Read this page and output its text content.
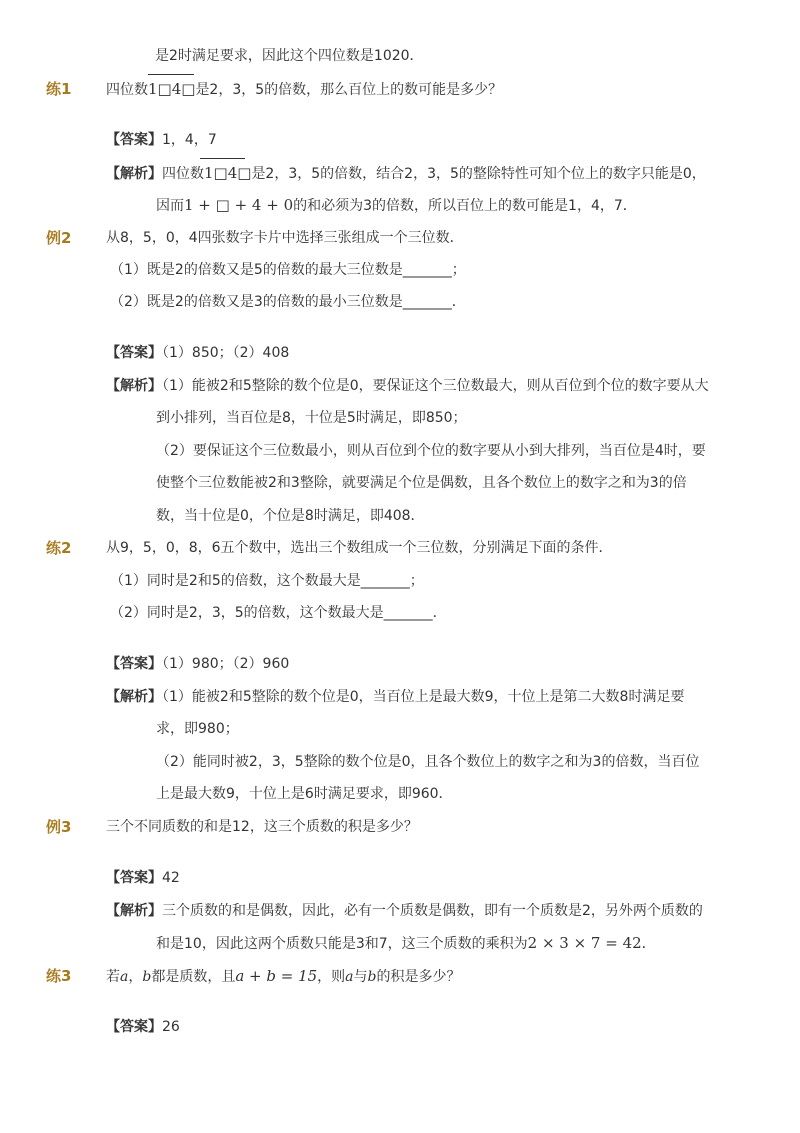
是2时满足要求，因此这个四位数是1020．
练1 四位数1□4□是2，3，5的倍数，那么百位上的数可能是多少？
【答案】1，4，7
【解析】四位数1□4□是2，3，5的倍数，结合2，3，5的整除特性可知个位上的数字只能是0，
因而1 + □ + 4 + 0的和必须为3的倍数，所以百位上的数可能是1，4，7．
例2 从8，5，0，4四张数字卡片中选择三张组成一个三位数．
（1）既是2的倍数又是5的倍数的最大三位数是_______；
（2）既是2的倍数又是3的倍数的最小三位数是_______．
【答案】（1）850；（2）408
【解析】（1）能被2和5整除的数个位是0，要保证这个三位数最大，则从百位到个位的数字要从大
到小排列，当百位是8，十位是5时满足，即850；
（2）要保证这个三位数最小，则从百位到个位的数字要从小到大排列，当百位是4时，要
使整个三位数能被2和3整除，就要满足个位是偶数，且各个数位上的数字之和为3的倍
数，当十位是0，个位是8时满足，即408．
练2 从9，5，0，8，6五个数中，选出三个数组成一个三位数，分别满足下面的条件．
（1）同时是2和5的倍数，这个数最大是_______；
（2）同时是2，3，5的倍数，这个数最大是_______．
【答案】（1）980；（2）960
【解析】（1）能被2和5整除的数个位是0，当百位上是最大数9，十位上是第二大数8时满足要
求，即980；
（2）能同时被2，3，5整除的数个位是0，且各个数位上的数字之和为3的倍数，当百位
上是最大数9，十位上是6时满足要求，即960．
例3 三个不同质数的和是12，这三个质数的积是多少？
【答案】42
【解析】三个质数的和是偶数，因此，必有一个质数是偶数，即有一个质数是2，另外两个质数的
和是10，因此这两个质数只能是3和7，这三个质数的乘积为2 × 3 × 7 = 42．
练3 若a，b都是质数，且a + b = 15，则a与b的积是多少？
【答案】26
